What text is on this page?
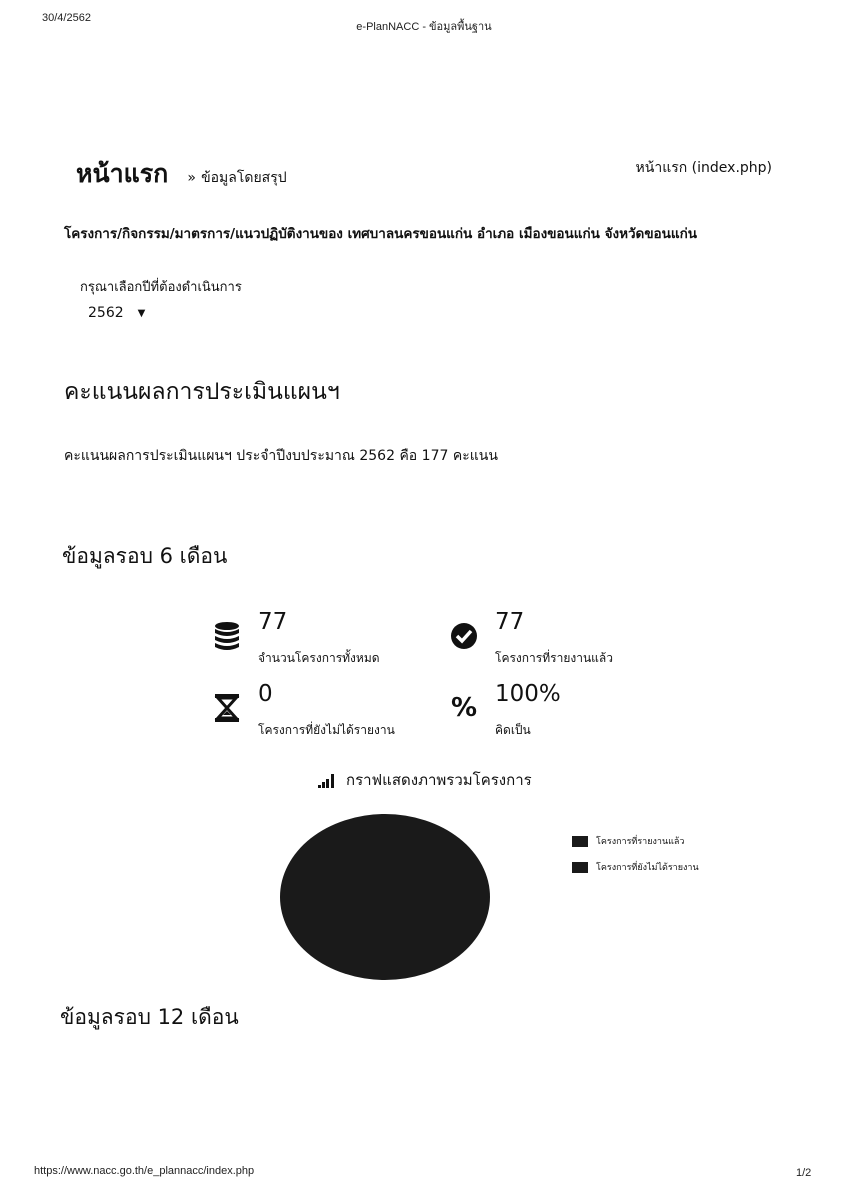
30/4/2562
e-PlanNACC - ข้อมูลพื้นฐาน
หน้าแรก » ข้อมูลโดยสรุป
หน้าแรก (index.php)
โครงการ/กิจกรรม/มาตรการ/แนวปฏิบัติงานของ เทศบาลนครขอนแก่น อำเภอ เมืองขอนแก่น จังหวัดขอนแก่น
กรุณาเลือกปีที่ต้องดำเนินการ
2562 ▼
คะแนนผลการประเมินแผนฯ
คะแนนผลการประเมินแผนฯ ประจำปีงบประมาณ 2562 คือ 177 คะแนน
ข้อมูลรอบ 6 เดือน
77
จำนวนโครงการทั้งหมด
77
โครงการที่รายงานแล้ว
0
โครงการที่ยังไม่ได้รายงาน
% 100%
คิดเป็น
กราฟแสดงภาพรวมโครงการ
โครงการที่รายงานแล้ว
โครงการที่ยังไม่ได้รายงาน
ข้อมูลรอบ 12 เดือน
https://www.nacc.go.th/e_plannacc/index.php	1/2
